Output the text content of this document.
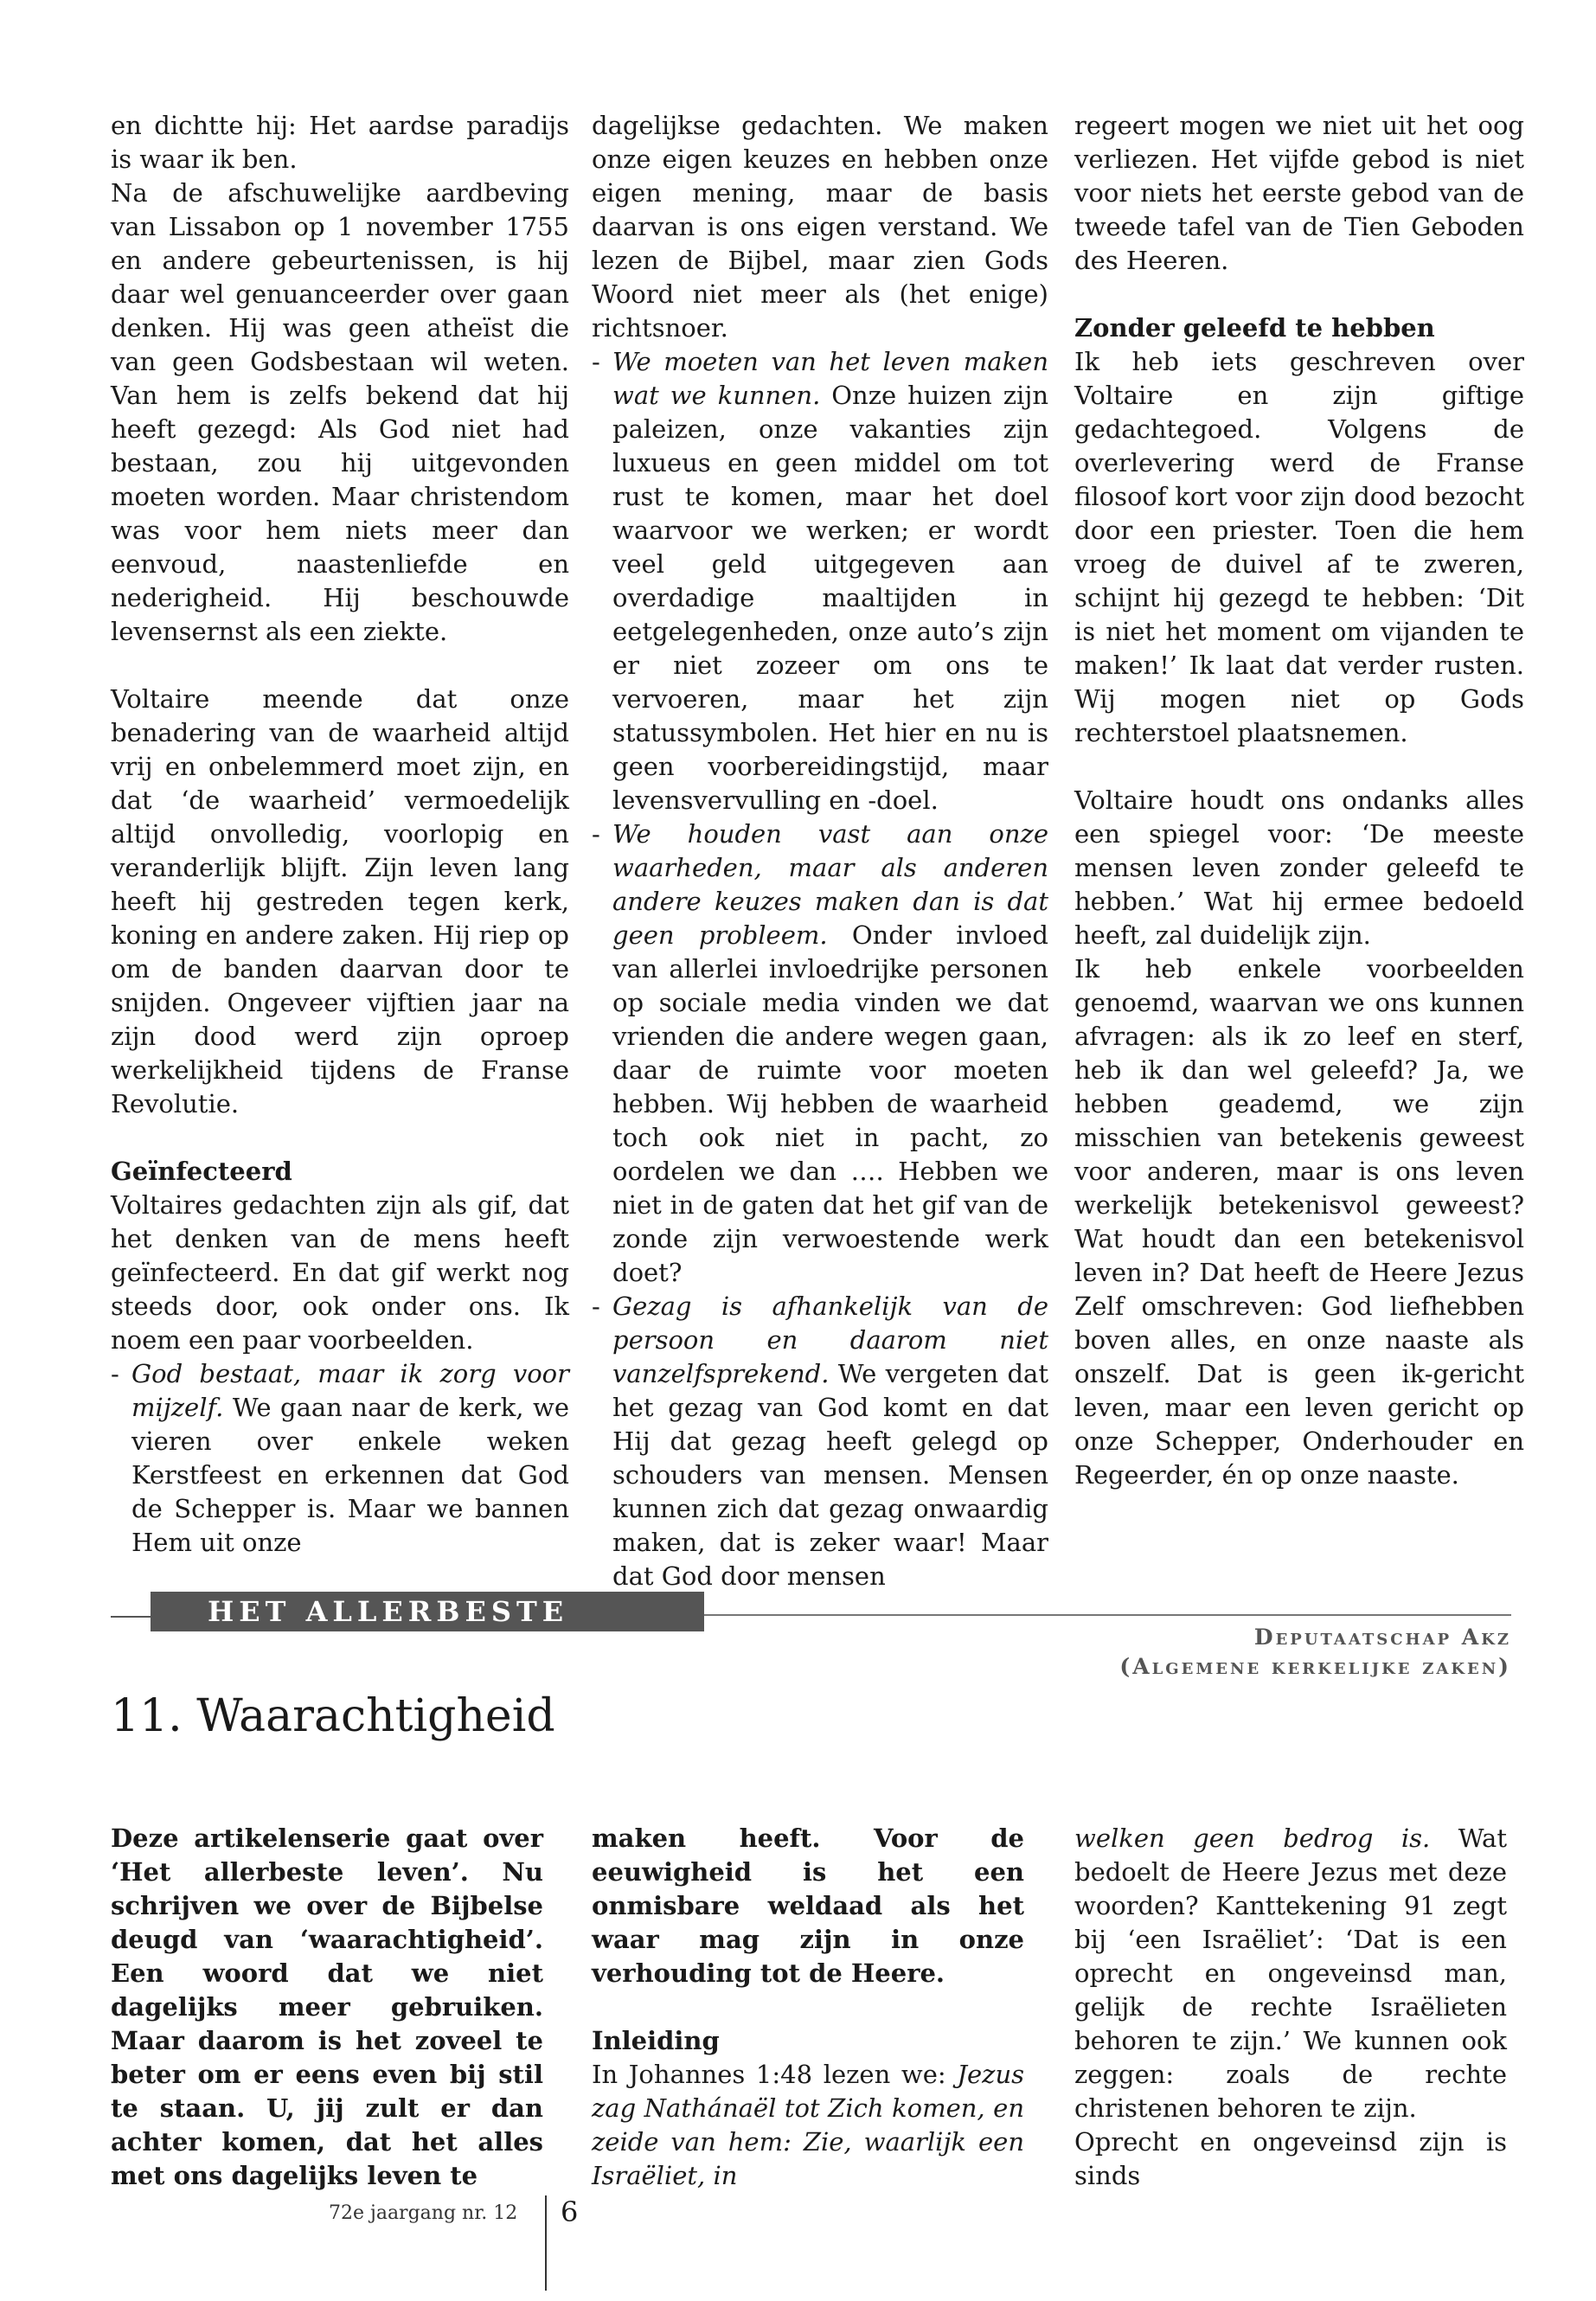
en dichtte hij: Het aardse paradijs is waar ik ben.

Na de afschuwelijke aardbeving van Lissabon op 1 november 1755 en andere gebeurtenissen, is hij daar wel genuanceerder over gaan denken. Hij was geen atheïst die van geen Godsbestaan wil weten. Van hem is zelfs bekend dat hij heeft gezegd: Als God niet had bestaan, zou hij uitgevonden moeten worden. Maar christendom was voor hem niets meer dan eenvoud, naastenliefde en nederigheid. Hij beschouwde levensernst als een ziekte.

Voltaire meende dat onze benadering van de waarheid altijd vrij en onbelemmerd moet zijn, en dat ‘de waarheid’ vermoedelijk altijd onvolledig, voorlopig en veranderlijk blijft. Zijn leven lang heeft hij gestreden tegen kerk, koning en andere zaken. Hij riep op om de banden daarvan door te snijden. Ongeveer vijftien jaar na zijn dood werd zijn oproep werkelijkheid tijdens de Franse Revolutie.

Geïnfecteerd

Voltaires gedachten zijn als gif, dat het denken van de mens heeft geïnfecteerd. En dat gif werkt nog steeds door, ook onder ons. Ik noem een paar voorbeelden.

- God bestaat, maar ik zorg voor mijzelf. We gaan naar de kerk, we vieren over enkele weken Kerstfeest en erkennen dat God de Schepper is. Maar we bannen Hem uit onze

dagelijkse gedachten. We maken onze eigen keuzes en hebben onze eigen mening, maar de basis daarvan is ons eigen verstand. We lezen de Bijbel, maar zien Gods Woord niet meer als (het enige) richtsnoer.

- We moeten van het leven maken wat we kunnen. Onze huizen zijn paleizen, onze vakanties zijn luxueus en geen middel om tot rust te komen, maar het doel waarvoor we werken; er wordt veel geld uitgegeven aan overdadige maaltijden in eetgelegenheden, onze auto’s zijn er niet zozeer om ons te vervoeren, maar het zijn statussymbolen. Het hier en nu is geen voorbereidingstijd, maar levensvervulling en -doel.
- We houden vast aan onze waarheden, maar als anderen andere keuzes maken dan is dat geen probleem. Onder invloed van allerlei invloedrijke personen op sociale media vinden we dat vrienden die andere wegen gaan, daar de ruimte voor moeten hebben. Wij hebben de waarheid toch ook niet in pacht, zo oordelen we dan …. Hebben we niet in de gaten dat het gif van de zonde zijn verwoestende werk doet?
- Gezag is afhankelijk van de persoon en daarom niet vanzelfsprekend. We vergeten dat het gezag van God komt en dat Hij dat gezag heeft gelegd op schouders van mensen. Mensen kunnen zich dat gezag onwaardig maken, dat is zeker waar! Maar dat God door mensen

regeert mogen we niet uit het oog verliezen. Het vijfde gebod is niet voor niets het eerste gebod van de tweede tafel van de Tien Geboden des Heeren.

Zonder geleefd te hebben

Ik heb iets geschreven over Voltaire en zijn giftige gedachtegoed. Volgens de overlevering werd de Franse filosoof kort voor zijn dood bezocht door een priester. Toen die hem vroeg de duivel af te zweren, schijnt hij gezegd te hebben: ‘Dit is niet het moment om vijanden te maken!’ Ik laat dat verder rusten. Wij mogen niet op Gods rechterstoel plaatsnemen.

Voltaire houdt ons ondanks alles een spiegel voor: ‘De meeste mensen leven zonder geleefd te hebben.’ Wat hij ermee bedoeld heeft, zal duidelijk zijn.

Ik heb enkele voorbeelden genoemd, waarvan we ons kunnen afvragen: als ik zo leef en sterf, heb ik dan wel geleefd? Ja, we hebben geademd, we zijn misschien van betekenis geweest voor anderen, maar is ons leven werkelijk betekenisvol geweest? Wat houdt dan een betekenisvol leven in? Dat heeft de Heere Jezus Zelf omschreven: God liefhebben boven alles, en onze naaste als onszelf. Dat is geen ik-gericht leven, maar een leven gericht op onze Schepper, Onderhouder en Regeerder, én op onze naaste.

HET ALLERBESTE LEVEN	Deputaatschap Akz
(Algemene kerkelijke zaken)
11. Waarachtigheid

Deze artikelenserie gaat over ‘Het allerbeste leven’. Nu schrijven we over de Bijbelse deugd van ‘waarachtigheid’. Een woord dat we niet dagelijks meer gebruiken. Maar daarom is het zoveel te beter om er eens even bij stil te staan. U, jij zult er dan achter komen, dat het alles met ons dagelijks leven te

maken heeft. Voor de eeuwigheid is het een onmisbare weldaad als het waar mag zijn in onze verhouding tot de Heere.

Inleiding

In Johannes 1:48 lezen we: Jezus zag Nathánaël tot Zich komen, en zeide van hem: Zie, waarlijk een Israëliet, in

welken geen bedrog is. Wat bedoelt de Heere Jezus met deze woorden? Kanttekening 91 zegt bij ‘een Israëliet’: ‘Dat is een oprecht en ongeveinsd man, gelijk de rechte Israëlieten behoren te zijn.’ We kunnen ook zeggen: zoals de rechte christenen behoren te zijn.

Oprecht en ongeveinsd zijn is sinds

72e jaargang nr. 12 6
